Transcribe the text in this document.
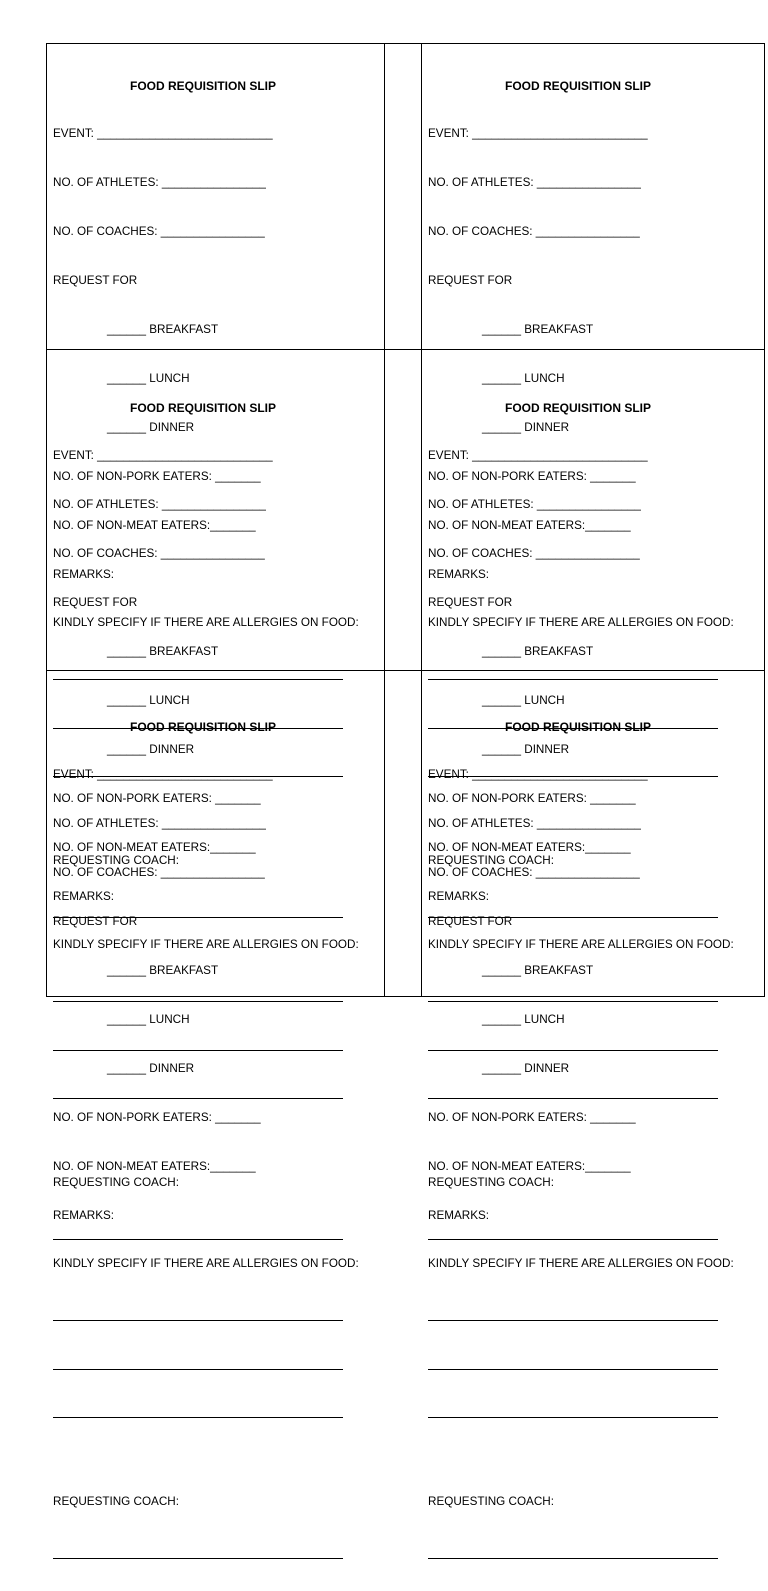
FOOD REQUISITION SLIP

EVENT: ___________________________

NO. OF ATHLETES: ________________

NO. OF COACHES: ________________

REQUEST FOR

______ BREAKFAST

______ LUNCH

______ DINNER

NO. OF NON-PORK EATERS: _______

NO. OF NON-MEAT EATERS:_______

REMARKS:

KINDLY SPECIFY IF THERE ARE ALLERGIES ON FOOD:

REQUESTING COACH:

FOOD REQUISITION SLIP

EVENT: ___________________________

NO. OF ATHLETES: ________________

NO. OF COACHES: ________________

REQUEST FOR

______ BREAKFAST

______ LUNCH

______ DINNER

NO. OF NON-PORK EATERS: _______

NO. OF NON-MEAT EATERS:_______

REMARKS:

KINDLY SPECIFY IF THERE ARE ALLERGIES ON FOOD:

REQUESTING COACH:

FOOD REQUISITION SLIP

EVENT: ___________________________

NO. OF ATHLETES: ________________

NO. OF COACHES: ________________

REQUEST FOR

______ BREAKFAST

______ LUNCH

______ DINNER

NO. OF NON-PORK EATERS: _______

NO. OF NON-MEAT EATERS:_______

REMARKS:

KINDLY SPECIFY IF THERE ARE ALLERGIES ON FOOD:

REQUESTING COACH:

FOOD REQUISITION SLIP

EVENT: ___________________________

NO. OF ATHLETES: ________________

NO. OF COACHES: ________________

REQUEST FOR

______ BREAKFAST

______ LUNCH

______ DINNER

NO. OF NON-PORK EATERS: _______

NO. OF NON-MEAT EATERS:_______

REMARKS:

KINDLY SPECIFY IF THERE ARE ALLERGIES ON FOOD:

REQUESTING COACH:

FOOD REQUISITION SLIP

EVENT: ___________________________

NO. OF ATHLETES: ________________

NO. OF COACHES: ________________

REQUEST FOR

______ BREAKFAST

______ LUNCH

______ DINNER

NO. OF NON-PORK EATERS: _______

NO. OF NON-MEAT EATERS:_______

REMARKS:

KINDLY SPECIFY IF THERE ARE ALLERGIES ON FOOD:

REQUESTING COACH:

FOOD REQUISITION SLIP

EVENT: ___________________________

NO. OF ATHLETES: ________________

NO. OF COACHES: ________________

REQUEST FOR

______ BREAKFAST

______ LUNCH

______ DINNER

NO. OF NON-PORK EATERS: _______

NO. OF NON-MEAT EATERS:_______

REMARKS:

KINDLY SPECIFY IF THERE ARE ALLERGIES ON FOOD:

REQUESTING COACH:
